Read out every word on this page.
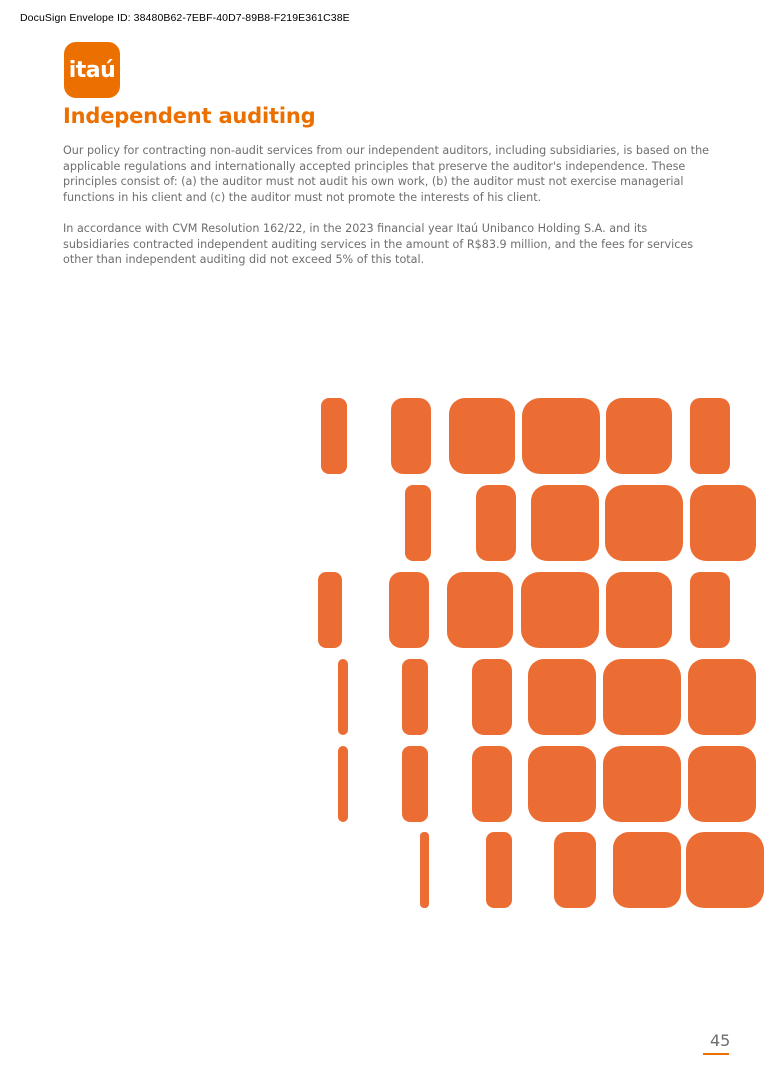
DocuSign Envelope ID: 38480B62-7EBF-40D7-89B8-F219E361C38E
itaú
Independent auditing

Our policy for contracting non-audit services from our independent auditors, including subsidiaries, is based on the applicable regulations and internationally accepted principles that preserve the auditor's independence. These principles consist of: (a) the auditor must not audit his own work, (b) the auditor must not exercise managerial functions in his client and (c) the auditor must not promote the interests of his client.

In accordance with CVM Resolution 162/22, in the 2023 financial year Itaú Unibanco Holding S.A. and its subsidiaries contracted independent auditing services in the amount of R$83.9 million, and the fees for services other than independent auditing did not exceed 5% of this total.

45
